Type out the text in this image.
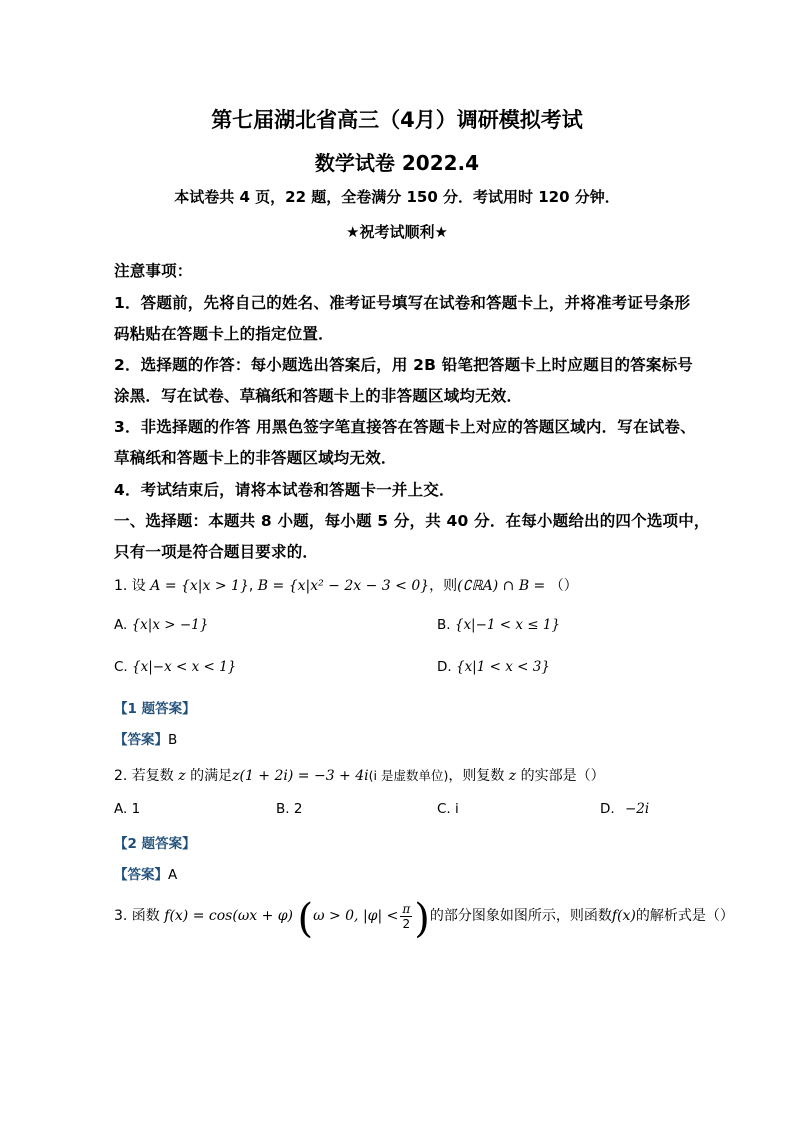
第七届湖北省高三（4月）调研模拟考试
数学试卷 2022.4
本试卷共 4 页，22 题，全卷满分 150 分．考试用时 120 分钟．
★祝考试顺利★
注意事项：
1．答题前，先将自己的姓名、准考证号填写在试卷和答题卡上，并将准考证号条形
码粘贴在答题卡上的指定位置．
2．选择题的作答：每小题选出答案后，用 2B 铅笔把答题卡上时应题目的答案标号
涂黑．写在试卷、草稿纸和答题卡上的非答题区域均无效．
3．非选择题的作答 用黑色签字笔直接答在答题卡上对应的答题区域内．写在试卷、
草稿纸和答题卡上的非答题区域均无效．
4．考试结束后，请将本试卷和答题卡一并上交．
一、选择题：本题共 8 小题，每小题 5 分，共 40 分．在每小题给出的四个选项中，
只有一项是符合题目要求的．
1. 设 A = {x|x > 1}, B = {x|x² − 2x − 3 < 0}，则(∁ℝA) ∩ B = （）
A. {x|x > −1}	B. {x|−1 < x ≤ 1}
C. {x|−x < x < 1}	D. {x|1 < x < 3}
【1 题答案】
【答案】B
2. 若复数 z 的满足z(1 + 2i) = −3 + 4i(i 是虚数单位)，则复数 z 的实部是（）
A. 1	B. 2	C. i	D. −2i
【2 题答案】
【答案】A
3. 函数 f(x) = cos(ωx + φ) (ω > 0, $|\varphi| < \frac{\pi}{2}$ )的部分图象如图所示，则函数f(x)的解析式是（）
